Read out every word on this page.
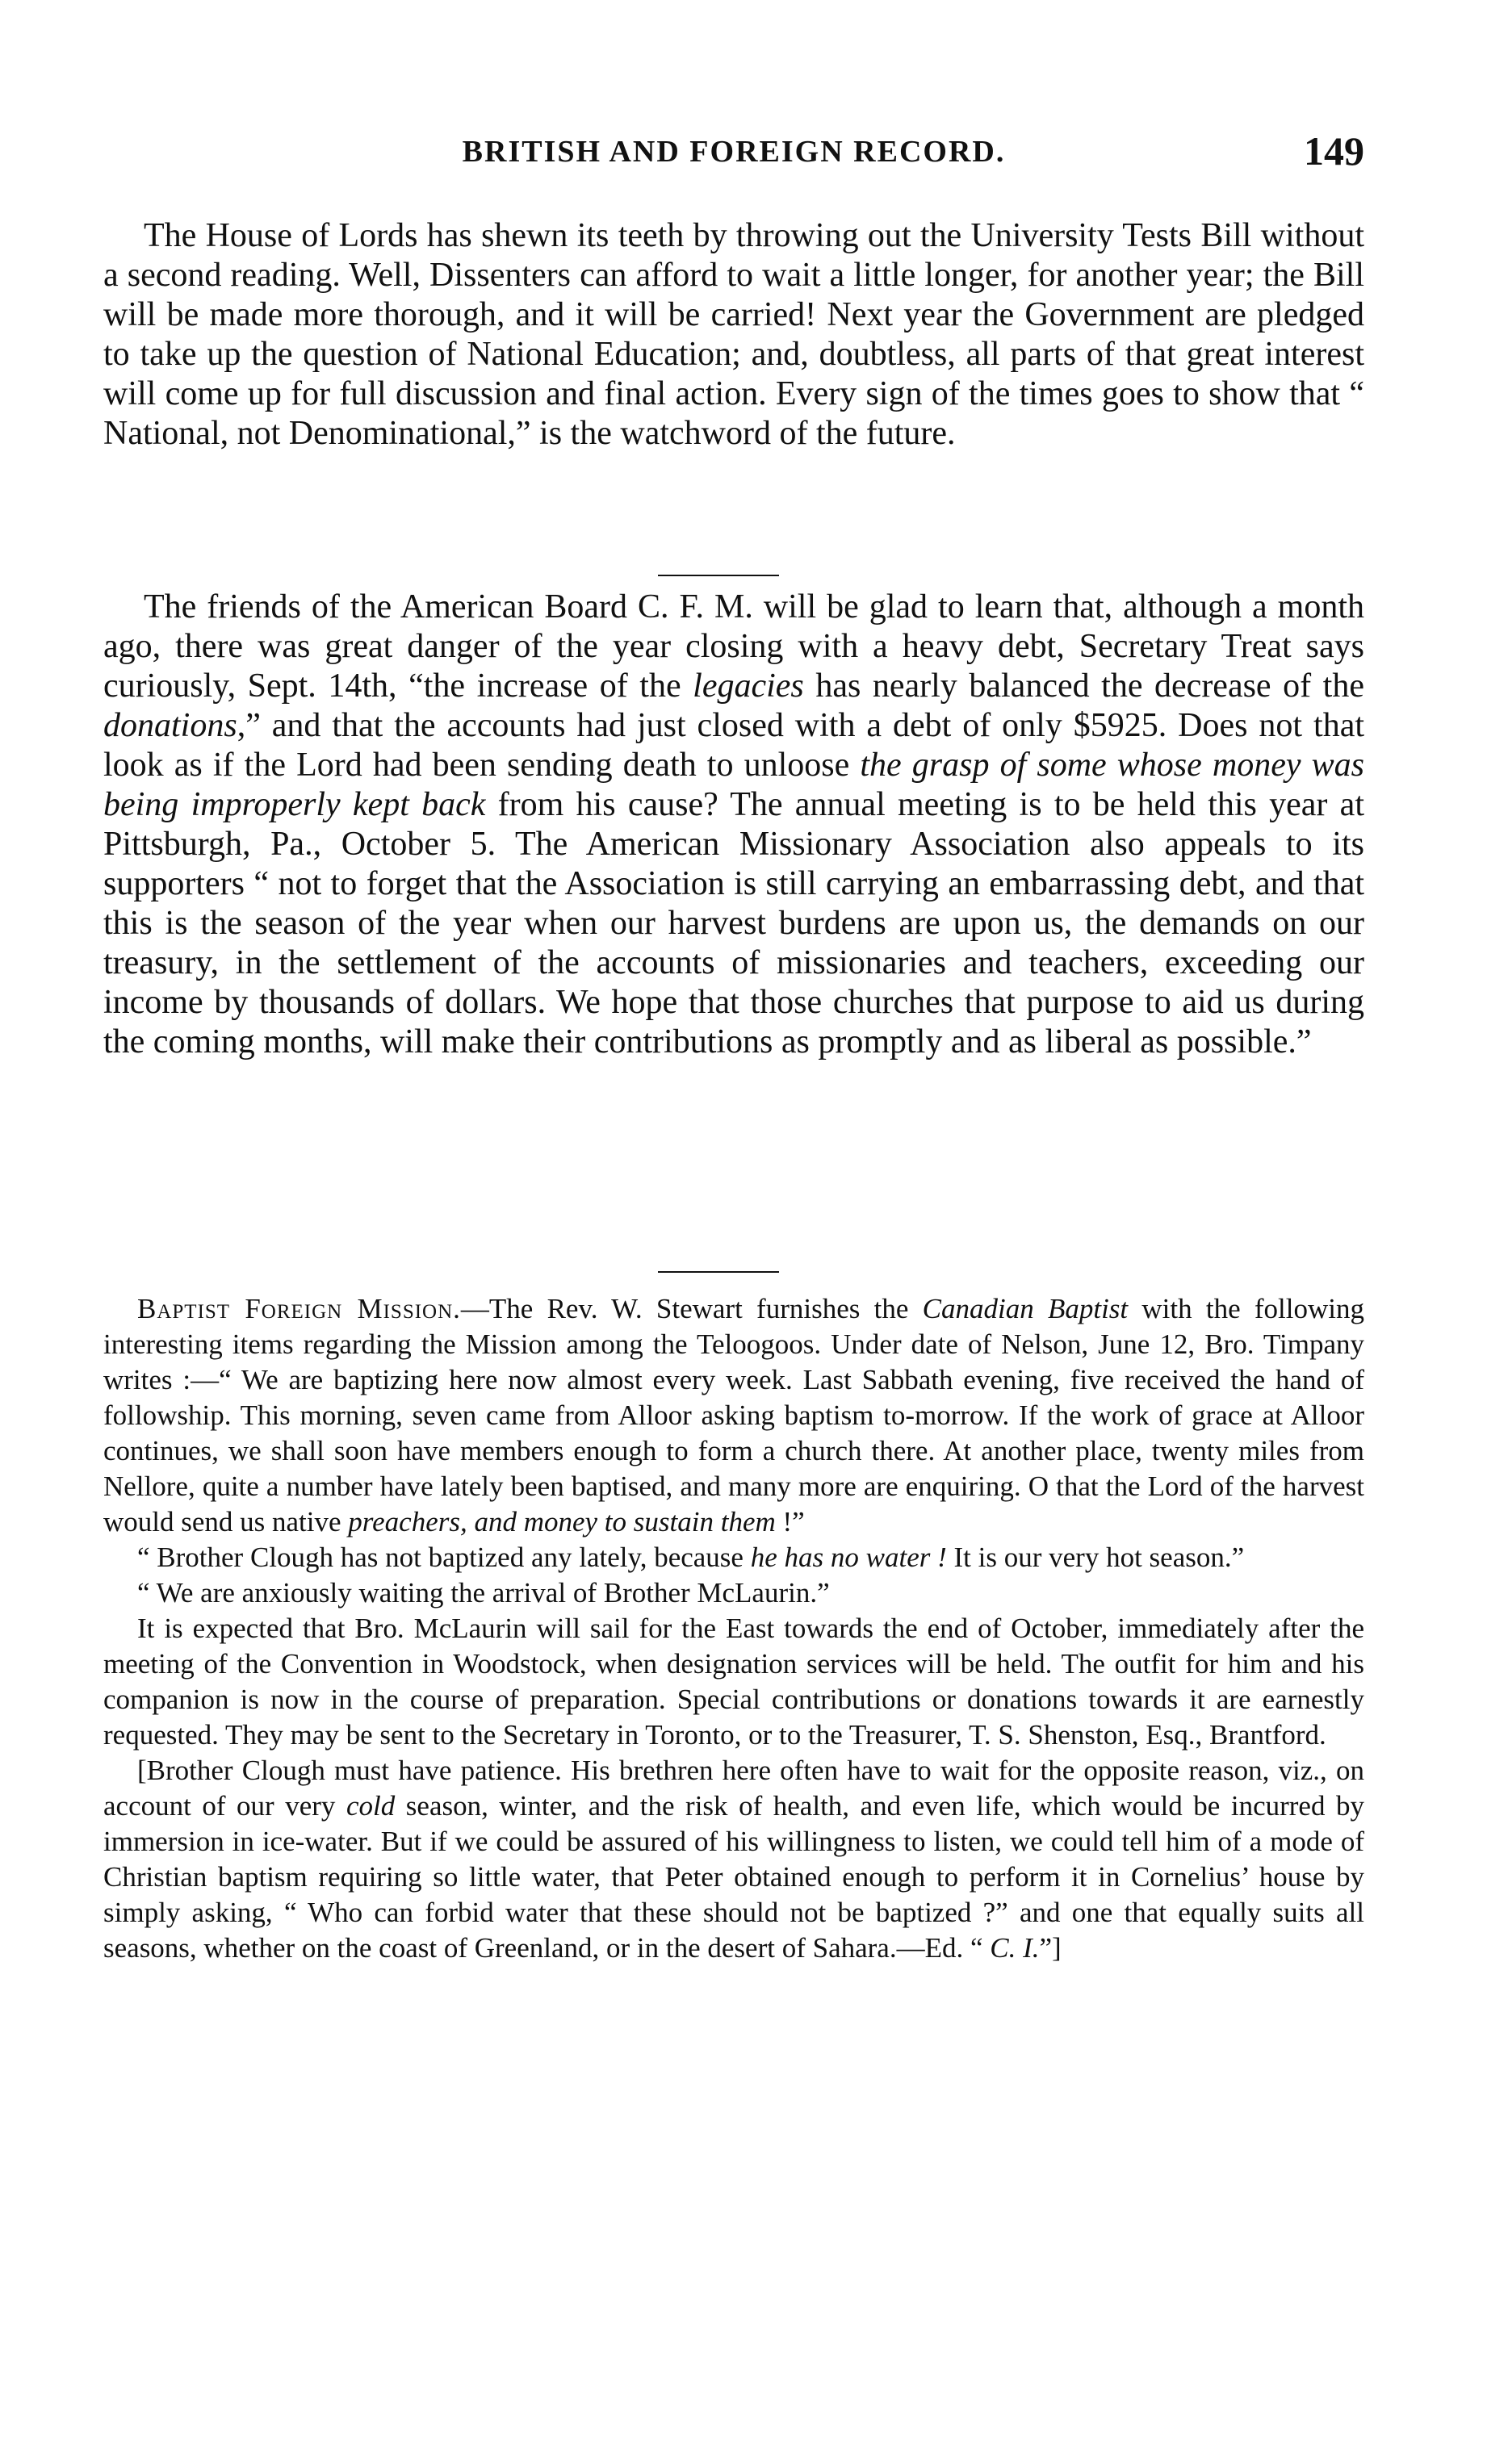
BRITISH AND FOREIGN RECORD.	149

The House of Lords has shewn its teeth by throwing out the University Tests Bill without a second reading. Well, Dissenters can afford to wait a little longer, for another year; the Bill will be made more thorough, and it will be carried! Next year the Government are pledged to take up the question of National Education; and, doubtless, all parts of that great interest will come up for full discussion and final action. Every sign of the times goes to show that “ National, not Denominational,” is the watchword of the future.

The friends of the American Board C. F. M. will be glad to learn that, although a month ago, there was great danger of the year closing with a heavy debt, Secretary Treat says curiously, Sept. 14th, “the increase of the legacies has nearly balanced the decrease of the donations,” and that the accounts had just closed with a debt of only $5925. Does not that look as if the Lord had been sending death to unloose the grasp of some whose money was being improperly kept back from his cause? The annual meeting is to be held this year at Pittsburgh, Pa., October 5. The American Missionary Association also appeals to its supporters “ not to forget that the Association is still carrying an embarrassing debt, and that this is the season of the year when our harvest burdens are upon us, the demands on our treasury, in the settlement of the accounts of missionaries and teachers, exceeding our income by thousands of dollars. We hope that those churches that purpose to aid us during the coming months, will make their contributions as promptly and as liberal as possible.”

Baptist Foreign Mission.—The Rev. W. Stewart furnishes the Canadian Baptist with the following interesting items regarding the Mission among the Teloogoos. Under date of Nelson, June 12, Bro. Timpany writes :—“ We are baptizing here now almost every week. Last Sabbath evening, five received the hand of followship. This morning, seven came from Alloor asking baptism to-morrow. If the work of grace at Alloor continues, we shall soon have members enough to form a church there. At another place, twenty miles from Nellore, quite a number have lately been baptised, and many more are enquiring. O that the Lord of the harvest would send us native preachers, and money to sustain them !”

“ Brother Clough has not baptized any lately, because he has no water ! It is our very hot season.”

“ We are anxiously waiting the arrival of Brother McLaurin.”

It is expected that Bro. McLaurin will sail for the East towards the end of October, immediately after the meeting of the Convention in Woodstock, when designation services will be held. The outfit for him and his companion is now in the course of preparation. Special contributions or donations towards it are earnestly requested. They may be sent to the Secretary in Toronto, or to the Treasurer, T. S. Shenston, Esq., Brantford.

[Brother Clough must have patience. His brethren here often have to wait for the opposite reason, viz., on account of our very cold season, winter, and the risk of health, and even life, which would be incurred by immersion in ice-water. But if we could be assured of his willingness to listen, we could tell him of a mode of Christian baptism requiring so little water, that Peter obtained enough to perform it in Cornelius’ house by simply asking, “ Who can forbid water that these should not be baptized ?” and one that equally suits all seasons, whether on the coast of Greenland, or in the desert of Sahara.—Ed. “ C. I.”]
